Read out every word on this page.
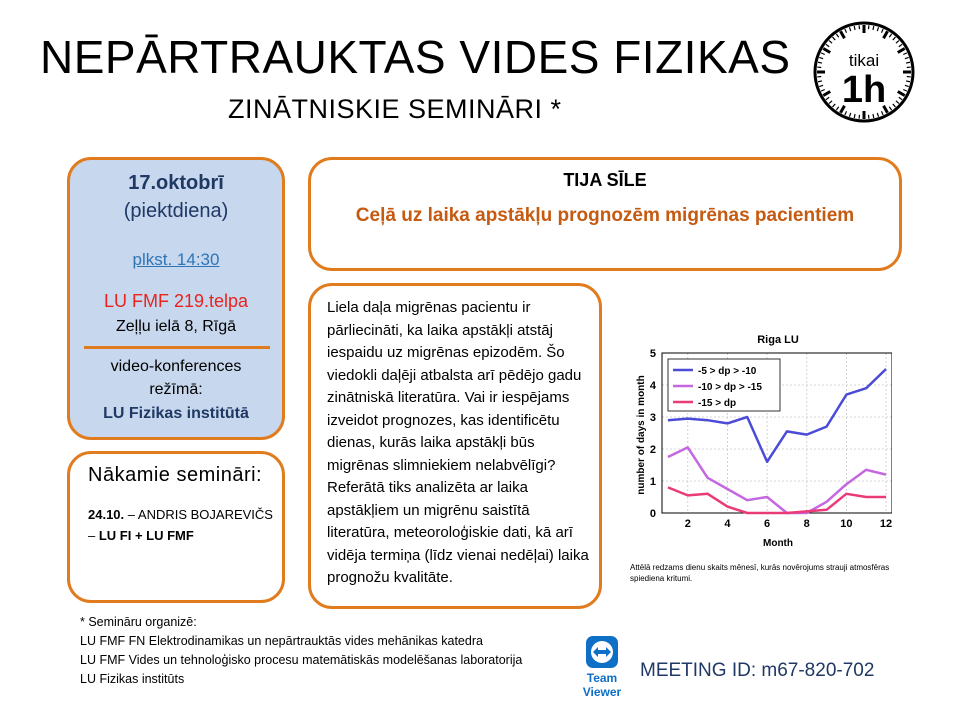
NEPĀRTRAUKTAS VIDES FIZIKAS
ZINĀTNISKIE SEMINĀRI *
tikai
1h
17.oktobrī
(piektdiena)
plkst. 14:30
LU FMF 219.telpa
Zeļļu ielā 8, Rīgā
video-konferences
režīmā:
LU Fizikas institūtā
TIJA SĪLE
Ceļā uz laika apstākļu prognozēm migrēnas pacientiem
Liela daļa migrēnas pacientu ir pārliecināti, ka laika apstākļi atstāj iespaidu uz migrēnas epizodēm. Šo viedokli daļēji atbalsta arī pēdējo gadu zinātniskā literatūra. Vai ir iespējams izveidot prognozes, kas identificētu dienas, kurās laika apstākļi būs migrēnas slimniekiem nelabvēlīgi? Referātā tiks analizēta ar laika apstākļiem un migrēnu saistītā literatūra, meteoroloģiskie dati, kā arī vidēja termiņa (līdz vienai nedēļai) laika prognožu kvalitāte.
Nākamie semināri:
24.10. – ANDRIS BOJAREVIČS – LU FI + LU FMF
* Semināru organizē:
LU FMF FN Elektrodinamikas un nepārtrauktās vides mehānikas katedra
LU FMF Vides un tehnoloģisko procesu matemātiskās modelēšanas laboratorija
LU Fizikas institūts
Riga LU
Month
number of days in month
0
1
2
3
4
5
2	4	6	8	10 12
-5 > dp > -10
-10 > dp > -15
-15 > dp
Attēlā redzams dienu skaits mēnesī, kurās novērojums strauji atmosfēras spiediena kritumi.
Team
Viewer
MEETING ID: m67-820-702
